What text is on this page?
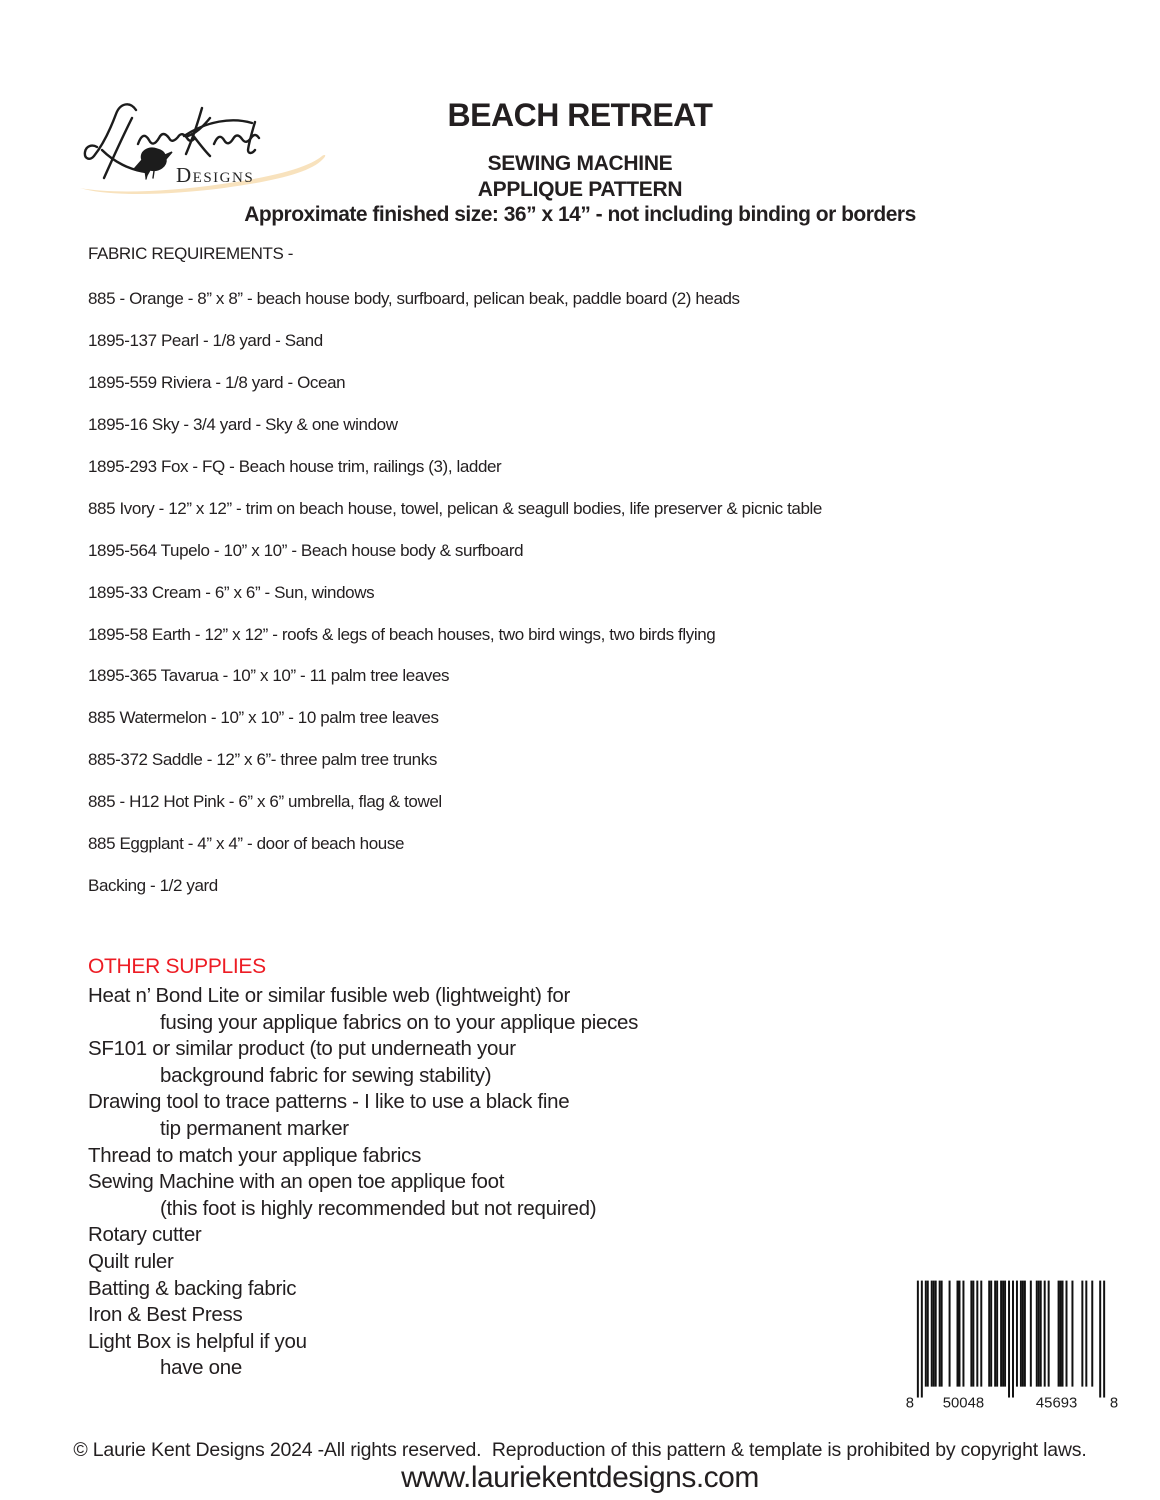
Designs
BEACH RETREAT
SEWING MACHINE
APPLIQUE PATTERN
Approximate finished size: 36” x 14” - not including binding or borders
FABRIC REQUIREMENTS -
885 - Orange - 8” x 8” - beach house body, surfboard, pelican beak, paddle board (2) heads
1895-137 Pearl - 1/8 yard - Sand
1895-559 Riviera - 1/8 yard - Ocean
1895-16 Sky - 3/4 yard - Sky & one window
1895-293 Fox - FQ - Beach house trim, railings (3), ladder
885 Ivory - 12” x 12” - trim on beach house, towel, pelican & seagull bodies, life preserver & picnic table
1895-564 Tupelo - 10” x 10” - Beach house body & surfboard
1895-33 Cream - 6” x 6” - Sun, windows
1895-58 Earth - 12” x 12” - roofs & legs of beach houses, two bird wings, two birds flying
1895-365 Tavarua - 10” x 10” - 11 palm tree leaves
885 Watermelon - 10” x 10” - 10 palm tree leaves
885-372 Saddle - 12” x 6”- three palm tree trunks
885 - H12 Hot Pink - 6” x 6” umbrella, flag & towel
885 Eggplant - 4” x 4” - door of beach house
Backing - 1/2 yard
OTHER SUPPLIES
Heat n’ Bond Lite or similar fusible web (lightweight) for
fusing your applique fabrics on to your applique pieces
SF101 or similar product (to put underneath your
background fabric for sewing stability)
Drawing tool to trace patterns - I like to use a black fine
tip permanent marker
Thread to match your applique fabrics
Sewing Machine with an open toe applique foot
(this foot is highly recommended but not required)
Rotary cutter
Quilt ruler
Batting & backing fabric
Iron & Best Press
Light Box is helpful if you
have one
8 50048	45693 8
© Laurie Kent Designs 2024 -All rights reserved.  Reproduction of this pattern & template is prohibited by copyright laws.
www.lauriekentdesigns.com
